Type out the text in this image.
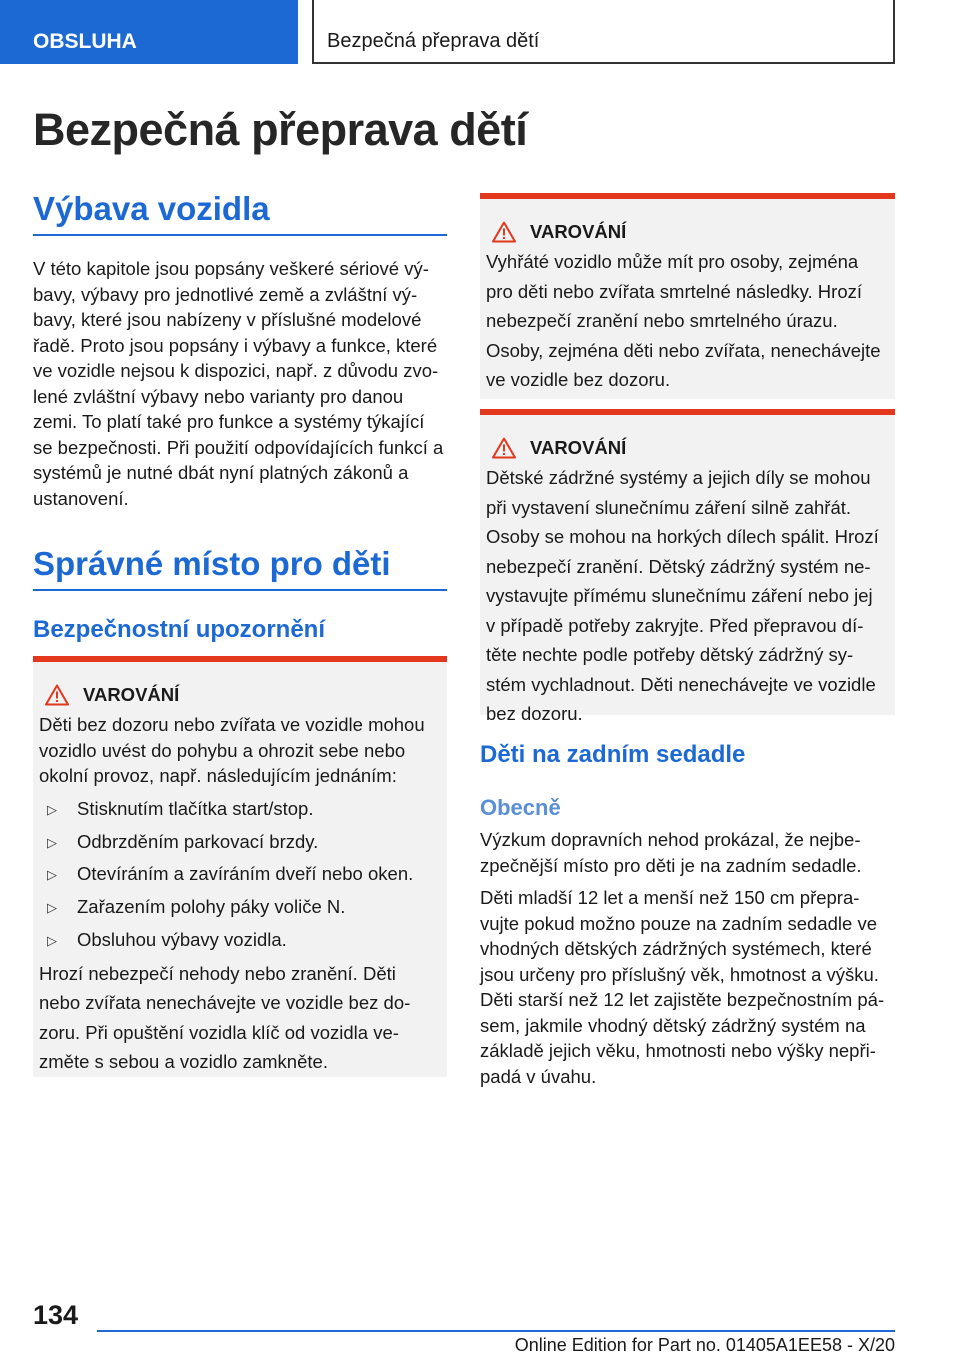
OBSLUHA	Bezpečná přeprava dětí
Bezpečná přeprava dětí
Výbava vozidla

V této kapitole jsou popsány veškeré sériové vý-

bavy, výbavy pro jednotlivé země a zvláštní vý-

bavy, které jsou nabízeny v příslušné modelové

řadě. Proto jsou popsány i výbavy a funkce, které

ve vozidle nejsou k dispozici, např. z důvodu zvo-

lené zvláštní výbavy nebo varianty pro danou

zemi. To platí také pro funkce a systémy týkající

se bezpečnosti. Při použití odpovídajících funkcí a

systémů je nutné dbát nyní platných zákonů a

ustanovení.

Správné místo pro děti
Bezpečnostní upozornění
VAROVÁNÍ

Děti bez dozoru nebo zvířata ve vozidle mohou

vozidlo uvést do pohybu a ohrozit sebe nebo

okolní provoz, např. následujícím jednáním:

▷ Stisknutím tlačítka start/stop.
▷ Odbrzděním parkovací brzdy.
▷ Otevíráním a zavíráním dveří nebo oken.
▷ Zařazením polohy páky voliče N.
▷ Obsluhou výbavy vozidla.

Hrozí nebezpečí nehody nebo zranění. Děti

nebo zvířata nenechávejte ve vozidle bez do-

zoru. Při opuštění vozidla klíč od vozidla ve-

změte s sebou a vozidlo zamkněte.

VAROVÁNÍ

Vyhřáté vozidlo může mít pro osoby, zejména

pro děti nebo zvířata smrtelné následky. Hrozí

nebezpečí zranění nebo smrtelného úrazu.

Osoby, zejména děti nebo zvířata, nenechávejte

ve vozidle bez dozoru.

VAROVÁNÍ

Dětské zádržné systémy a jejich díly se mohou

při vystavení slunečnímu záření silně zahřát.

Osoby se mohou na horkých dílech spálit. Hrozí

nebezpečí zranění. Dětský zádržný systém ne-

vystavujte přímému slunečnímu záření nebo jej

v případě potřeby zakryjte. Před přepravou dí-

těte nechte podle potřeby dětský zádržný sy-

stém vychladnout. Děti nenechávejte ve vozidle

bez dozoru.

Děti na zadním sedadle
Obecně

Výzkum dopravních nehod prokázal, že nejbe-

zpečnější místo pro děti je na zadním sedadle.

Děti mladší 12 let a menší než 150 cm přepra-

vujte pokud možno pouze na zadním sedadle ve

vhodných dětských zádržných systémech, které

jsou určeny pro příslušný věk, hmotnost a výšku.

Děti starší než 12 let zajistěte bezpečnostním pá-

sem, jakmile vhodný dětský zádržný systém na

základě jejich věku, hmotnosti nebo výšky nepři-

padá v úvahu.

134
Online Edition for Part no. 01405A1EE58 - X/20
